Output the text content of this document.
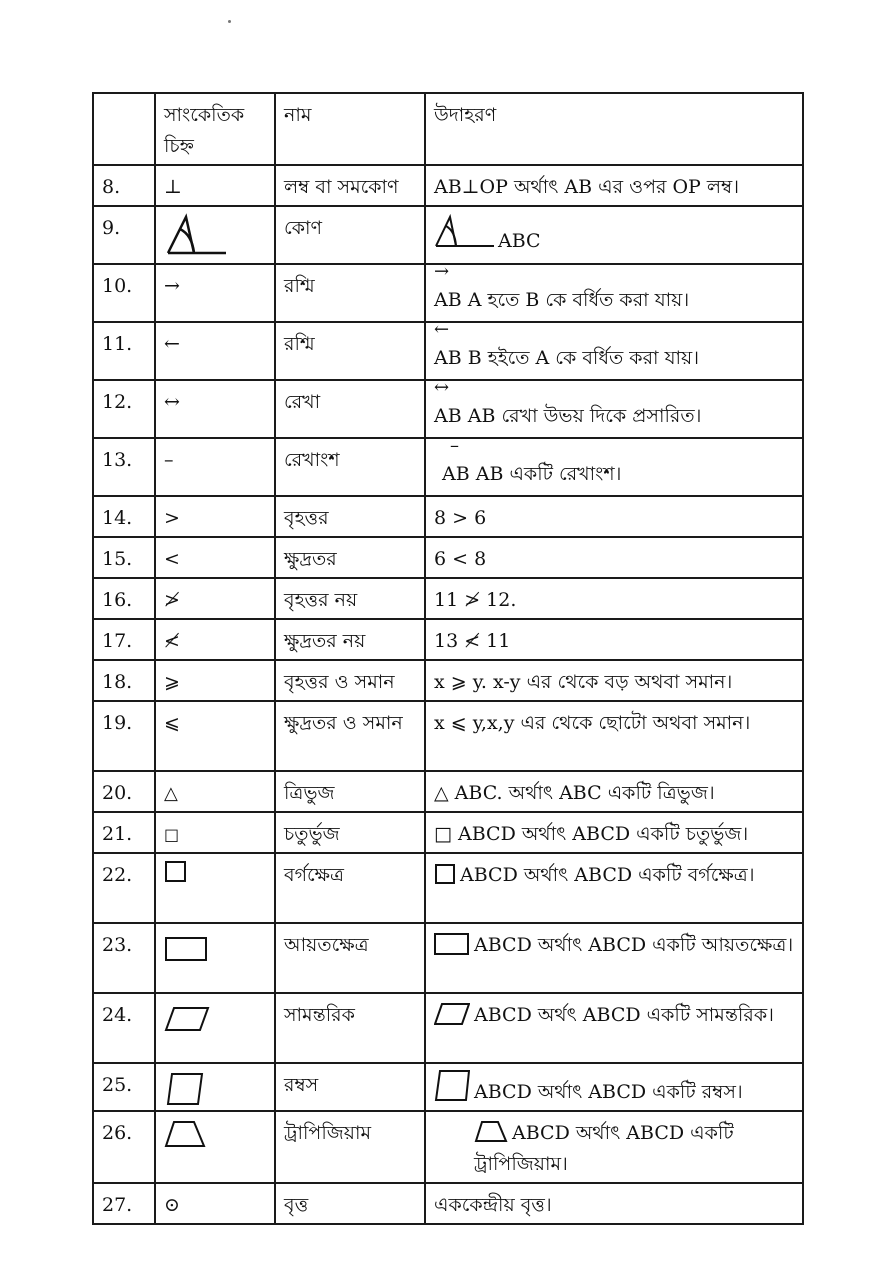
	সাংকেতিক চিহ্ন	নাম	উদাহরণ
8.	⊥	লম্ব বা সমকোণ	AB⊥OP অর্থাৎ AB এর ওপর OP লম্ব।
9.		কোণ	ABC
10.	→	রশ্মি	→
AB A হতে B কে বর্ধিত করা যায়।
11.	←	রশ্মি	←
AB B হইতে A কে বর্ধিত করা যায়।
12.	↔	রেখা	↔
AB AB রেখা উভয় দিকে প্রসারিত।
13.	–	রেখাংশ	–
AB AB একটি রেখাংশ।
14.	>	বৃহত্তর	8 > 6
15.	<	ক্ষুদ্রতর	6 < 8
16.	≯	বৃহত্তর নয়	11 ≯ 12.
17.	≮	ক্ষুদ্রতর নয়	13 ≮ 11
18.	⩾	বৃহত্তর ও সমান	x ⩾ y. x-y এর থেকে বড় অথবা সমান।
19.	⩽	ক্ষুদ্রতর ও সমান	x ⩽ y,x,y এর থেকে ছোটো অথবা সমান।
20.	△	ত্রিভুজ	△ ABC. অর্থাৎ ABC একটি ত্রিভুজ।
21.	□	চতুর্ভুজ	□ ABCD অর্থাৎ ABCD একটি চতুর্ভুজ।
22.		বর্গক্ষেত্র	ABCD অর্থাৎ ABCD একটি বর্গক্ষেত্র।
23.		আয়তক্ষেত্র	ABCD অর্থাৎ ABCD একটি আয়তক্ষেত্র।
24.		সামন্তরিক	ABCD অর্থৎ ABCD একটি সামন্তরিক।
25.		রম্বস	ABCD অর্থাৎ ABCD একটি রম্বস।
26.		ট্রাপিজিয়াম	ABCD অর্থাৎ ABCD একটি ট্রাপিজিয়াম।
27.	⊙	বৃত্ত	এককেন্দ্রীয় বৃত্ত।
